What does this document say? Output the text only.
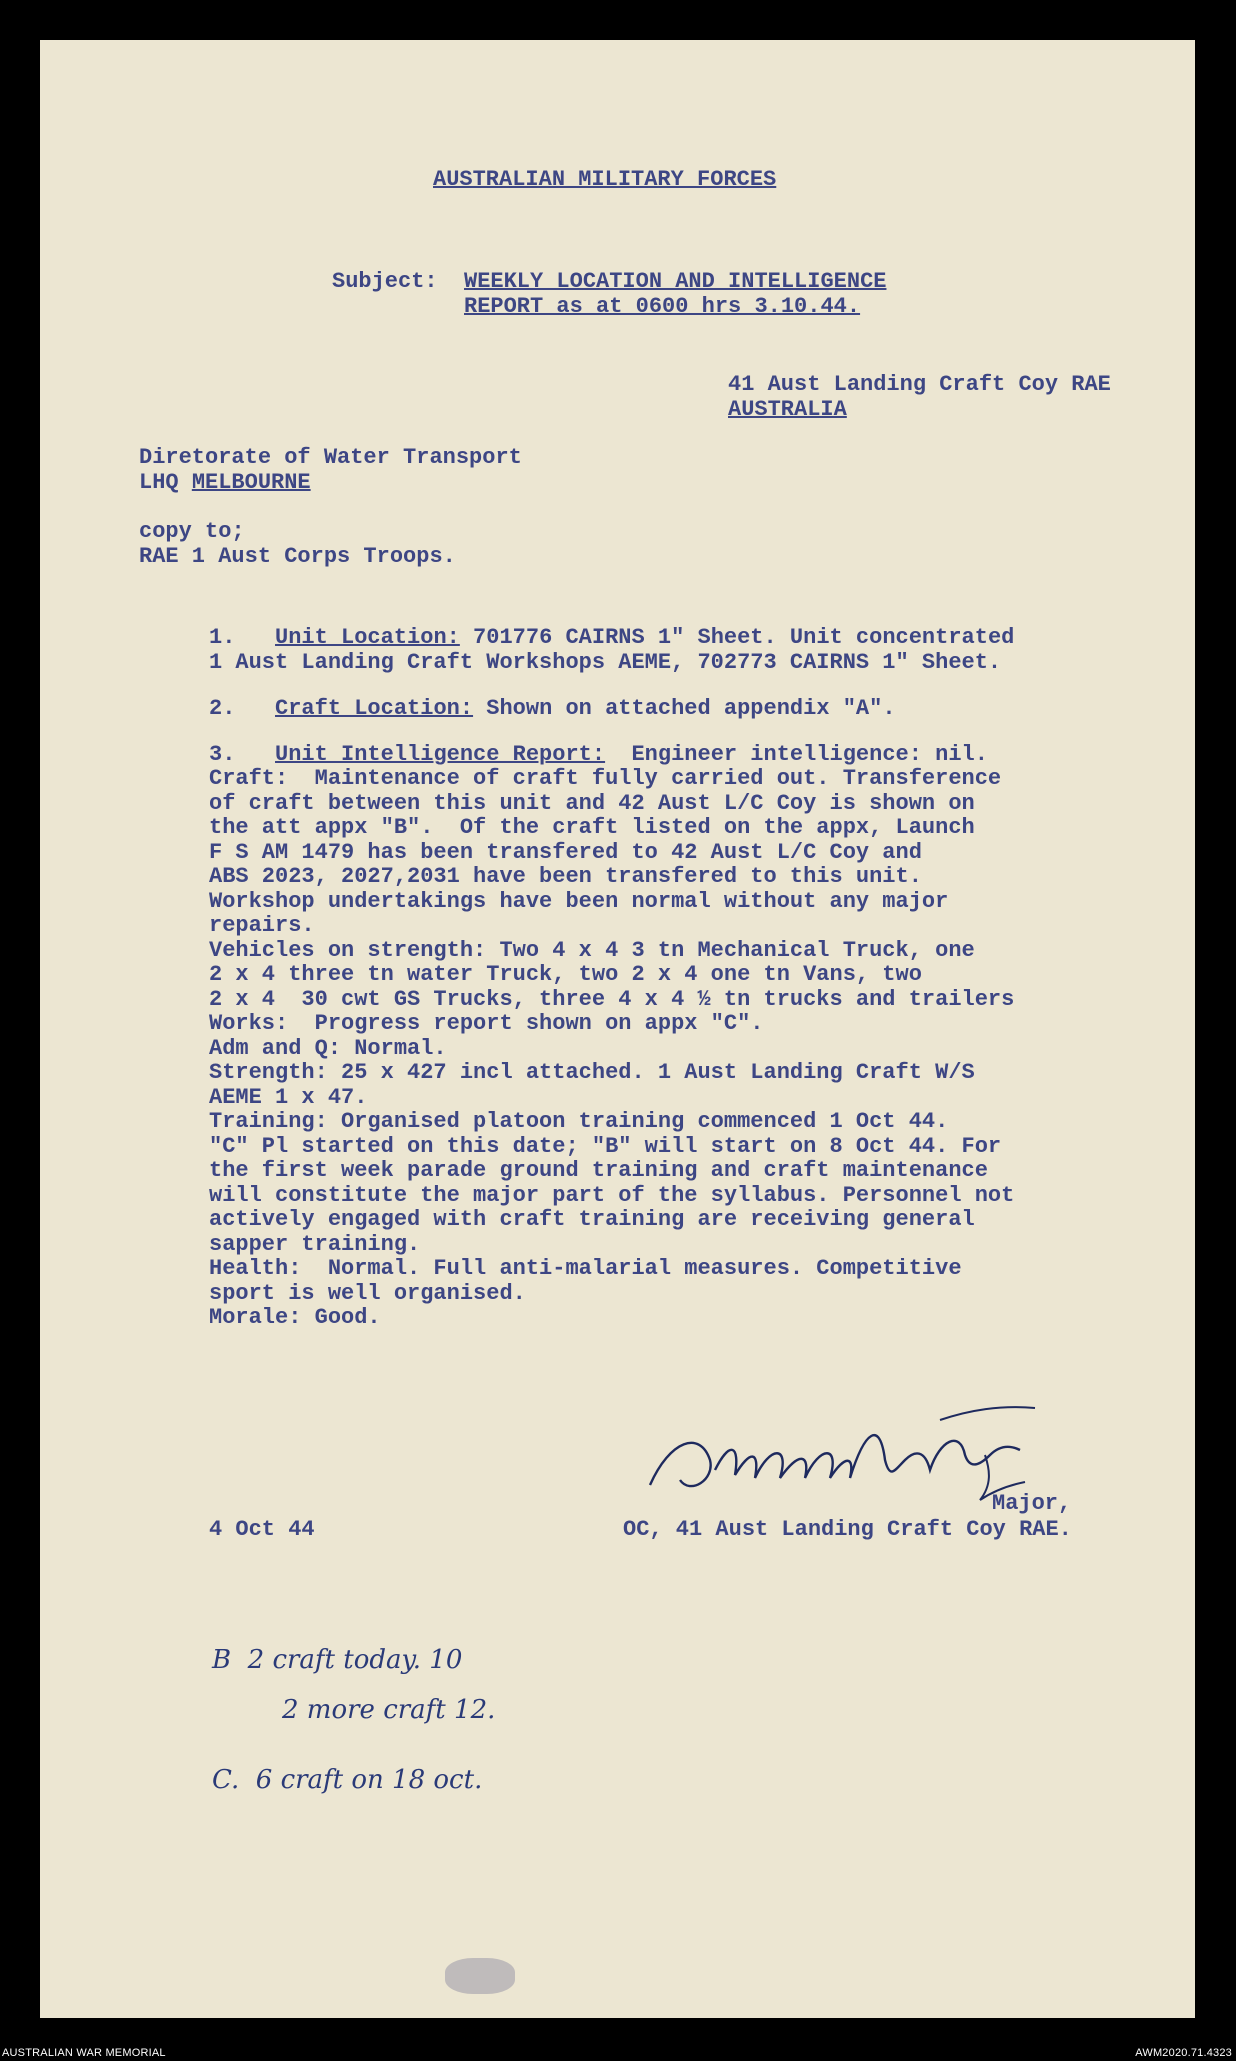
AUSTRALIAN MILITARY FORCES
Subject: WEEKLY LOCATION AND INTELLIGENCE
REPORT as at 0600 hrs 3.10.44.
41 Aust Landing Craft Coy RAE
AUSTRALIA
Diretorate of Water Transport
LHQ MELBOURNE
copy to;
RAE 1 Aust Corps Troops.
1. Unit Location: 701776 CAIRNS 1" Sheet. Unit concentrated
1 Aust Landing Craft Workshops AEME, 702773 CAIRNS 1" Sheet.
2. Craft Location: Shown on attached appendix "A".
3. Unit Intelligence Report:  Engineer intelligence: nil.
Craft:  Maintenance of craft fully carried out. Transference
of craft between this unit and 42 Aust L/C Coy is shown on
the att appx "B".  Of the craft listed on the appx, Launch
F S AM 1479 has been transfered to 42 Aust L/C Coy and
ABS 2023, 2027,2031 have been transfered to this unit.
Workshop undertakings have been normal without any major
repairs.
Vehicles on strength: Two 4 x 4 3 tn Mechanical Truck, one
2 x 4 three tn water Truck, two 2 x 4 one tn Vans, two
2 x 4  30 cwt GS Trucks, three 4 x 4 ½ tn trucks and trailers
Works:  Progress report shown on appx "C".
Adm and Q: Normal.
Strength: 25 x 427 incl attached. 1 Aust Landing Craft W/S
AEME 1 x 47.
Training: Organised platoon training commenced 1 Oct 44.
"C" Pl started on this date; "B" will start on 8 Oct 44. For
the first week parade ground training and craft maintenance
will constitute the major part of the syllabus. Personnel not
actively engaged with craft training are receiving general
sapper training.
Health:  Normal. Full anti-malarial measures. Competitive
sport is well organised.
Morale: Good.
Major,
4 Oct 44	OC, 41 Aust Landing Craft Coy RAE.
B  2 craft today. 10
2 more craft 12.
C.  6 craft on 18 oct.
AUSTRALIAN WAR MEMORIAL	AWM2020.71.4323
